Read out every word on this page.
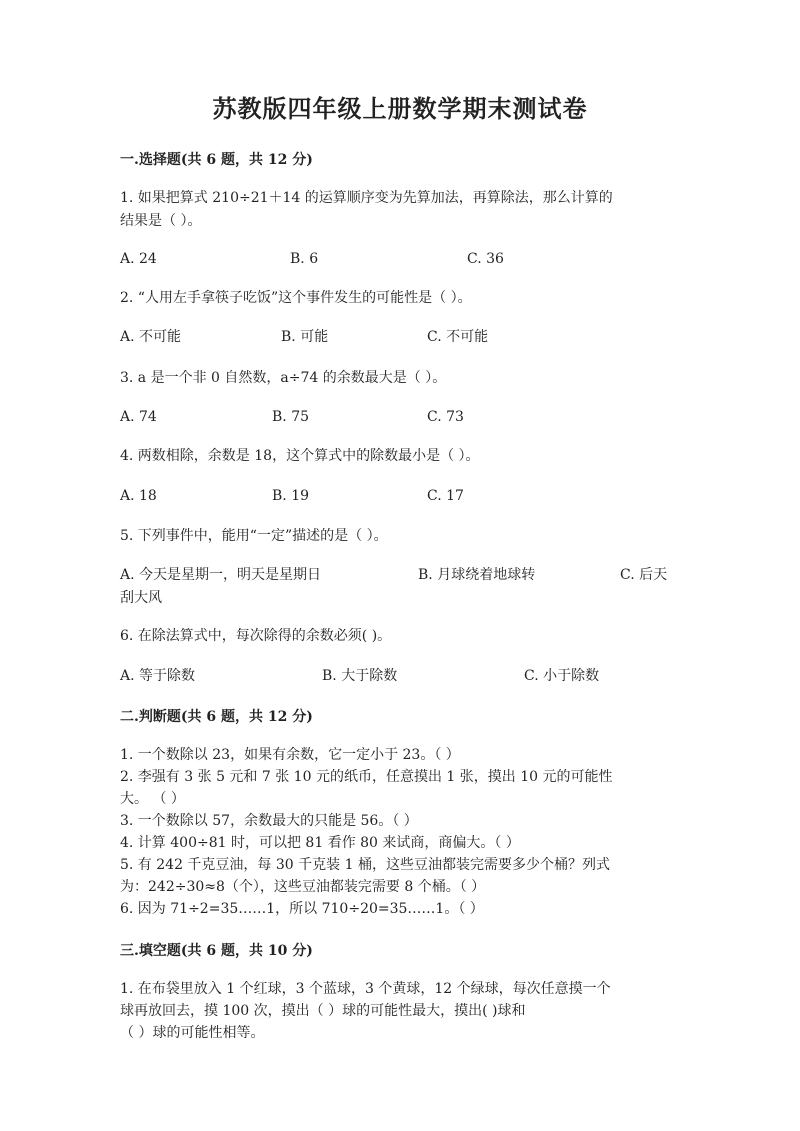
苏教版四年级上册数学期末测试卷
一.选择题(共 6 题，共 12 分)
1. 如果把算式 210÷21＋14 的运算顺序变为先算加法，再算除法，那么计算的
结果是（ ）。
A. 24	B. 6	C. 36
2. “人用左手拿筷子吃饭”这个事件发生的可能性是（ ）。
A. 不可能	B. 可能	C. 不可能
3. a 是一个非 0 自然数，a÷74 的余数最大是（ ）。
A. 74	B. 75	C. 73
4. 两数相除，余数是 18，这个算式中的除数最小是（ ）。
A. 18	B. 19	C. 17
5. 下列事件中，能用“一定”描述的是（ ）。
A. 今天是星期一，明天是星期日	B. 月球绕着地球转	C. 后天
刮大风
6. 在除法算式中，每次除得的余数必须( )。
A. 等于除数	B. 大于除数	C. 小于除数
二.判断题(共 6 题，共 12 分)
1. 一个数除以 23，如果有余数，它一定小于 23。（ ）
2. 李强有 3 张 5 元和 7 张 10 元的纸币，任意摸出 1 张，摸出 10 元的可能性
大。 （ ）
3. 一个数除以 57，余数最大的只能是 56。（ ）
4. 计算 400÷81 时，可以把 81 看作 80 来试商，商偏大。（ ）
5. 有 242 千克豆油，每 30 千克装 1 桶，这些豆油都装完需要多少个桶？列式
为：242÷30≈8（个），这些豆油都装完需要 8 个桶。（ ）
6. 因为 71÷2=35……1，所以 710÷20=35……1。（ ）
三.填空题(共 6 题，共 10 分)
1. 在布袋里放入 1 个红球，3 个蓝球，3 个黄球，12 个绿球，每次任意摸一个
球再放回去，摸 100 次，摸出（ ）球的可能性最大，摸出( )球和
（ ）球的可能性相等。
